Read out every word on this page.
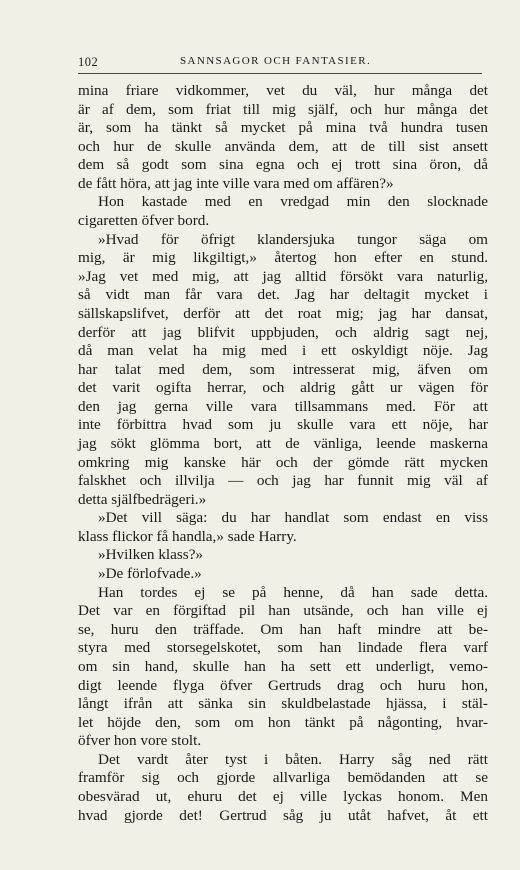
102	SANNSAGOR OCH FANTASIER.
mina friare vidkommer, vet du väl, hur många det
är af dem, som friat till mig själf, och hur många det
är, som ha tänkt så mycket på mina två hundra tusen
och hur de skulle använda dem, att de till sist ansett
dem så godt som sina egna och ej trott sina öron, då
de fått höra, att jag inte ville vara med om affären?»
Hon kastade med en vredgad min den slocknade
cigaretten öfver bord.
»Hvad för öfrigt klandersjuka tungor säga om
mig, är mig likgiltigt,» återtog hon efter en stund.
»Jag vet med mig, att jag alltid försökt vara naturlig,
så vidt man får vara det. Jag har deltagit mycket i
sällskapslifvet, derför att det roat mig; jag har dansat,
derför att jag blifvit uppbjuden, och aldrig sagt nej,
då man velat ha mig med i ett oskyldigt nöje. Jag
har talat med dem, som intresserat mig, äfven om
det varit ogifta herrar, och aldrig gått ur vägen för
den jag gerna ville vara tillsammans med. För att
inte förbittra hvad som ju skulle vara ett nöje, har
jag sökt glömma bort, att de vänliga, leende maskerna
omkring mig kanske här och der gömde rätt mycken
falskhet och illvilja — och jag har funnit mig väl af
detta själfbedrägeri.»
»Det vill säga: du har handlat som endast en viss
klass flickor få handla,» sade Harry.
»Hvilken klass?»
»De förlofvade.»
Han tordes ej se på henne, då han sade detta.
Det var en förgiftad pil han utsände, och han ville ej
se, huru den träffade. Om han haft mindre att be-
styra med storsegelskotet, som han lindade flera varf
om sin hand, skulle han ha sett ett underligt, vemo-
digt leende flyga öfver Gertruds drag och huru hon,
långt ifrån att sänka sin skuldbelastade hjässa, i stäl-
let höjde den, som om hon tänkt på någonting, hvar-
öfver hon vore stolt.
Det vardt åter tyst i båten. Harry såg ned rätt
framför sig och gjorde allvarliga bemödanden att se
obesvärad ut, ehuru det ej ville lyckas honom. Men
hvad gjorde det! Gertrud såg ju utåt hafvet, åt ett
